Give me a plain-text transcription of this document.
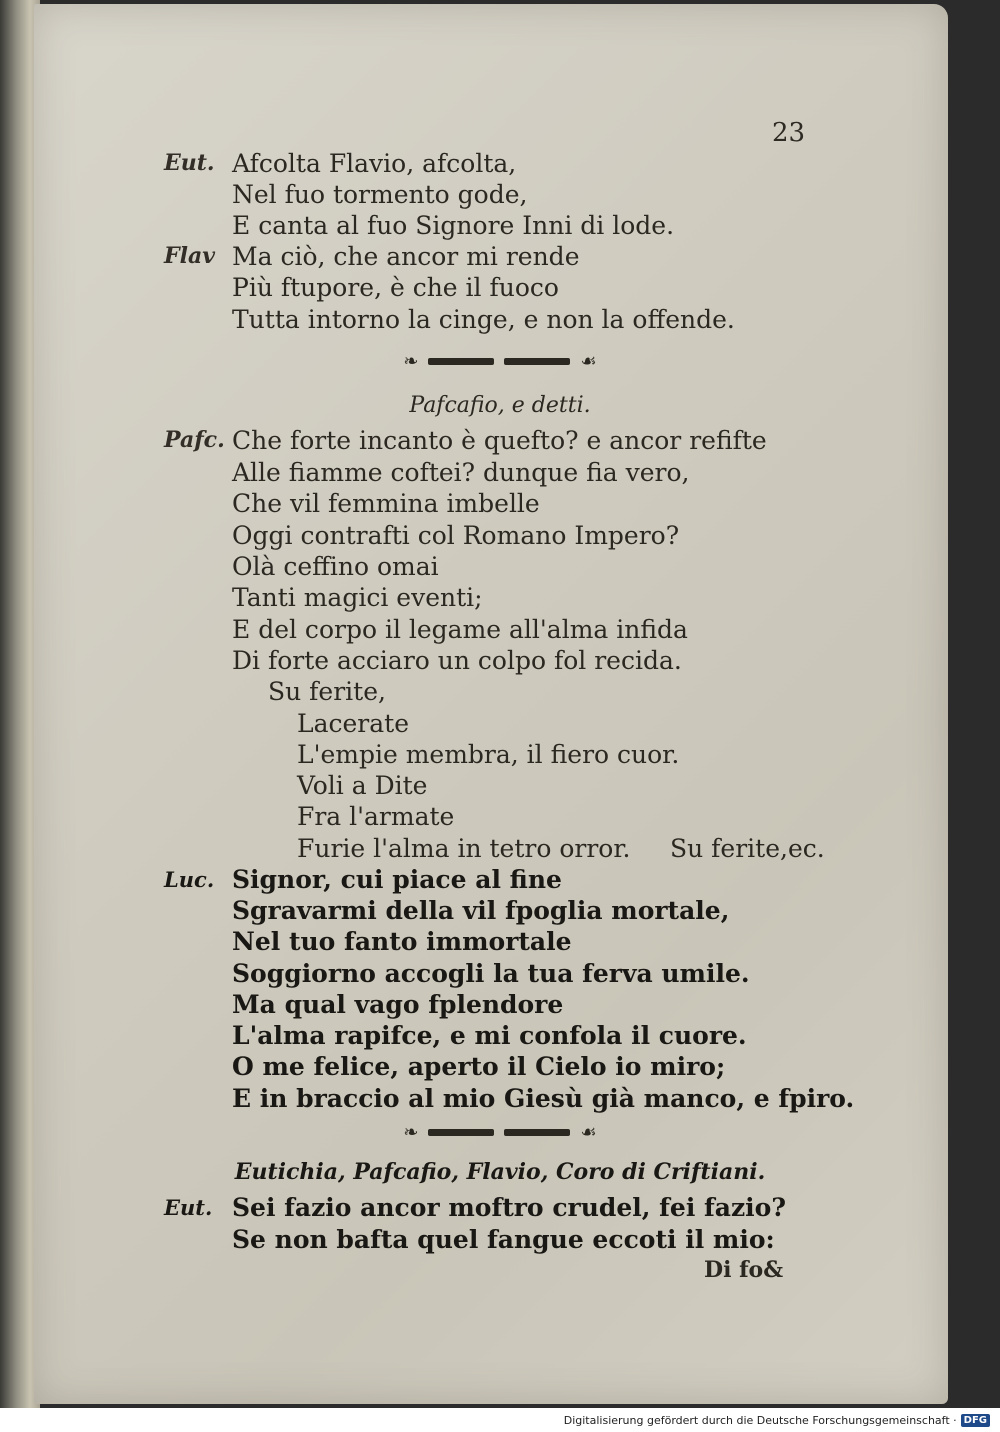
23
Eut. Afcolta Flavio, afcolta,
Nel fuo tormento gode,
E canta al fuo Signore Inni di lode.
Flav Ma ciò, che ancor mi rende
Più ftupore, è che il fuoco
Tutta intorno la cinge, e non la offende.
❧	☙
Pafcafio, e detti.
Pafc. Che forte incanto è quefto? e ancor refifte
Alle fiamme coftei? dunque fia vero,
Che vil femmina imbelle
Oggi contrafti col Romano Impero?
Olà ceffino omai
Tanti magici eventi;
E del corpo il legame all'alma infida
Di forte acciaro un colpo fol recida.
Su ferite,
Lacerate
L'empie membra, il fiero cuor.
Voli a Dite
Fra l'armate
Furie l'alma in tetro orror. Su ferite,ec.
Luc. Signor, cui piace al fine
Sgravarmi della vil fpoglia mortale,
Nel tuo fanto immortale
Soggiorno accogli la tua ferva umile.
Ma qual vago fplendore
L'alma rapifce, e mi confola il cuore.
O me felice, aperto il Cielo io miro;
E in braccio al mio Giesù già manco, e fpiro.
❧	☙
Eutichia, Pafcafio, Flavio, Coro di Criftiani.
Eut. Sei fazio ancor moftro crudel, fei fazio?
Se non bafta quel fangue eccoti il mio:
Di fo&
Digitalisierung gefördert durch die Deutsche Forschungsgemeinschaft · DFG
